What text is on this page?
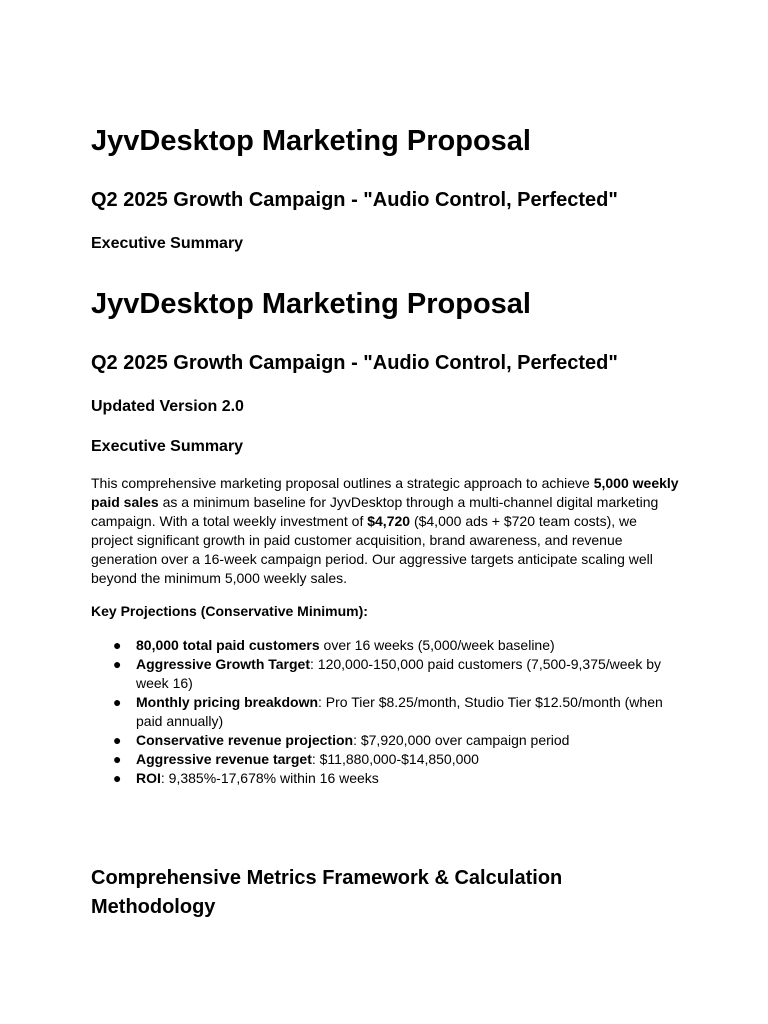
JyvDesktop Marketing Proposal
Q2 2025 Growth Campaign - "Audio Control, Perfected"
Executive Summary
JyvDesktop Marketing Proposal
Q2 2025 Growth Campaign - "Audio Control, Perfected"
Updated Version 2.0
Executive Summary

This comprehensive marketing proposal outlines a strategic approach to achieve 5,000 weekly paid sales as a minimum baseline for JyvDesktop through a multi-channel digital marketing campaign. With a total weekly investment of $4,720 ($4,000 ads + $720 team costs), we project significant growth in paid customer acquisition, brand awareness, and revenue generation over a 16-week campaign period. Our aggressive targets anticipate scaling well beyond the minimum 5,000 weekly sales.

Key Projections (Conservative Minimum):
● 80,000 total paid customers over 16 weeks (5,000/week baseline)
● Aggressive Growth Target: 120,000-150,000 paid customers (7,500-9,375/week by week 16)
● Monthly pricing breakdown: Pro Tier $8.25/month, Studio Tier $12.50/month (when paid annually)
● Conservative revenue projection: $7,920,000 over campaign period
● Aggressive revenue target: $11,880,000-$14,850,000
● ROI: 9,385%-17,678% within 16 weeks
Comprehensive Metrics Framework & Calculation Methodology
